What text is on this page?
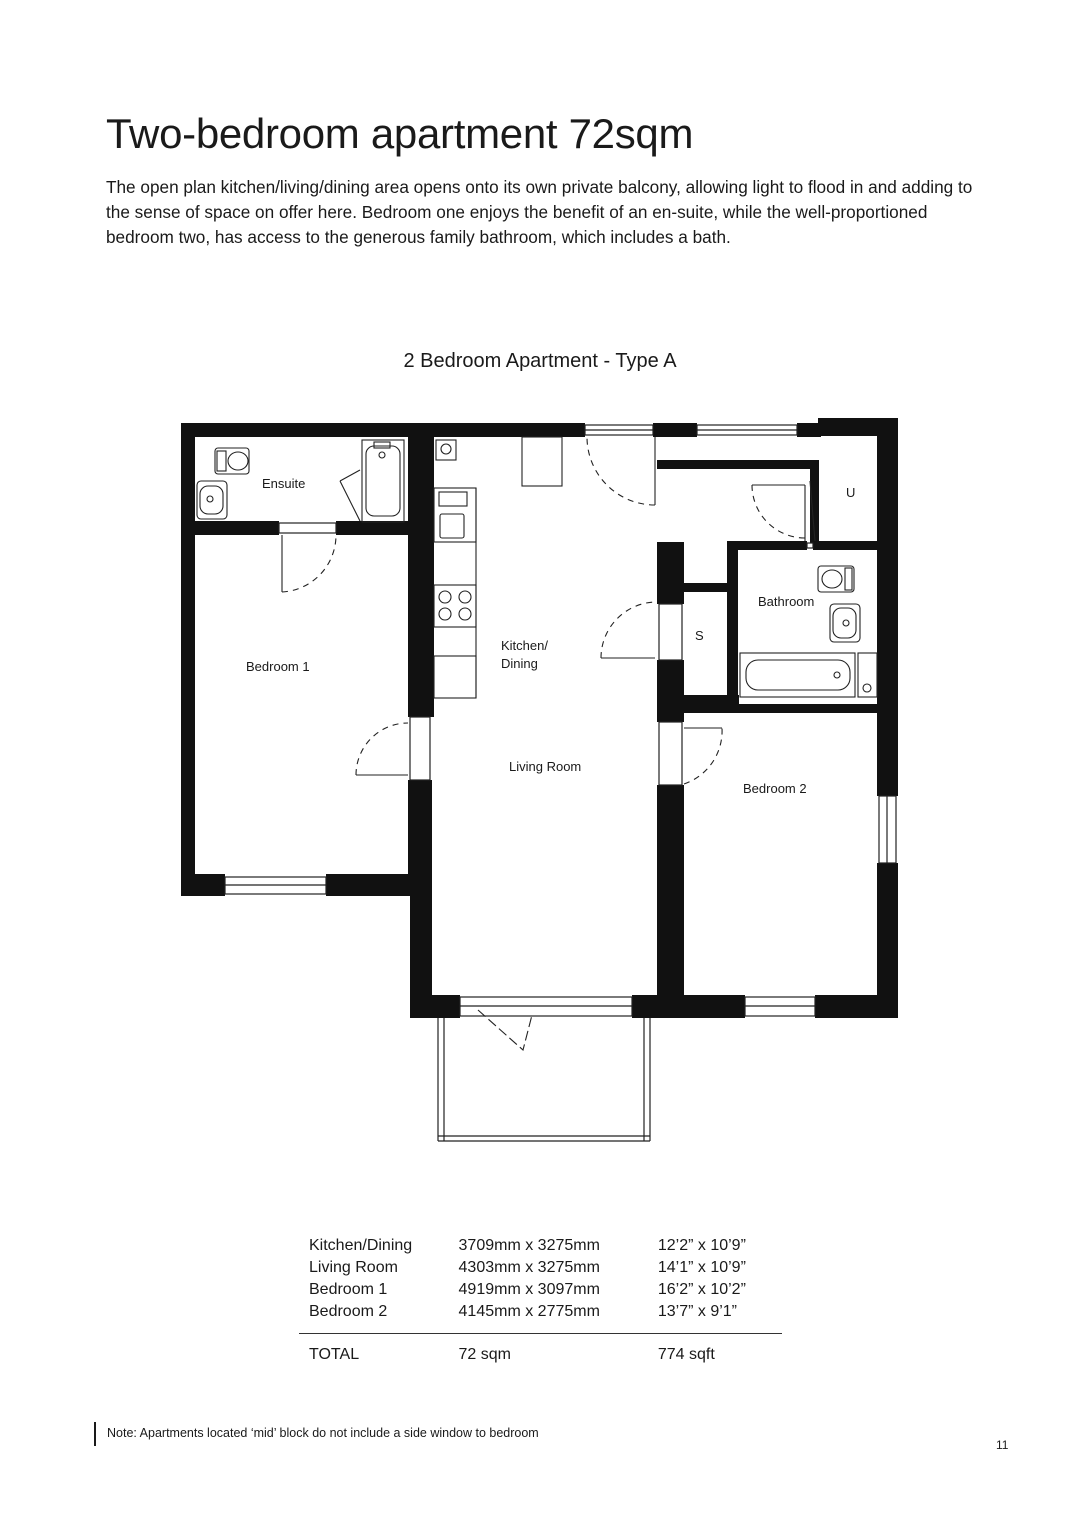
Two-bedroom apartment 72sqm

The open plan kitchen/living/dining area opens onto its own private balcony, allowing light to flood in and adding to the sense of space on offer here. Bedroom one enjoys the benefit of an en-suite, while the well-proportioned bedroom two, has access to the generous family bathroom, which includes a bath.

2 Bedroom Apartment - Type A
Ensuite
Bedroom 1
Kitchen/
Dining
Living Room
U
Bathroom
S
Bedroom 2
Kitchen/Dining	3709mm x 3275mm	12’2” x 10’9”
Living Room	4303mm x 3275mm	14’1” x 10’9”
Bedroom 1	4919mm x 3097mm	16’2” x 10’2”
Bedroom 2	4145mm x 2775mm	13’7” x 9’1”
TOTAL	72 sqm	774 sqft
Note: Apartments located ‘mid’ block do not include a side window to bedroom
11
